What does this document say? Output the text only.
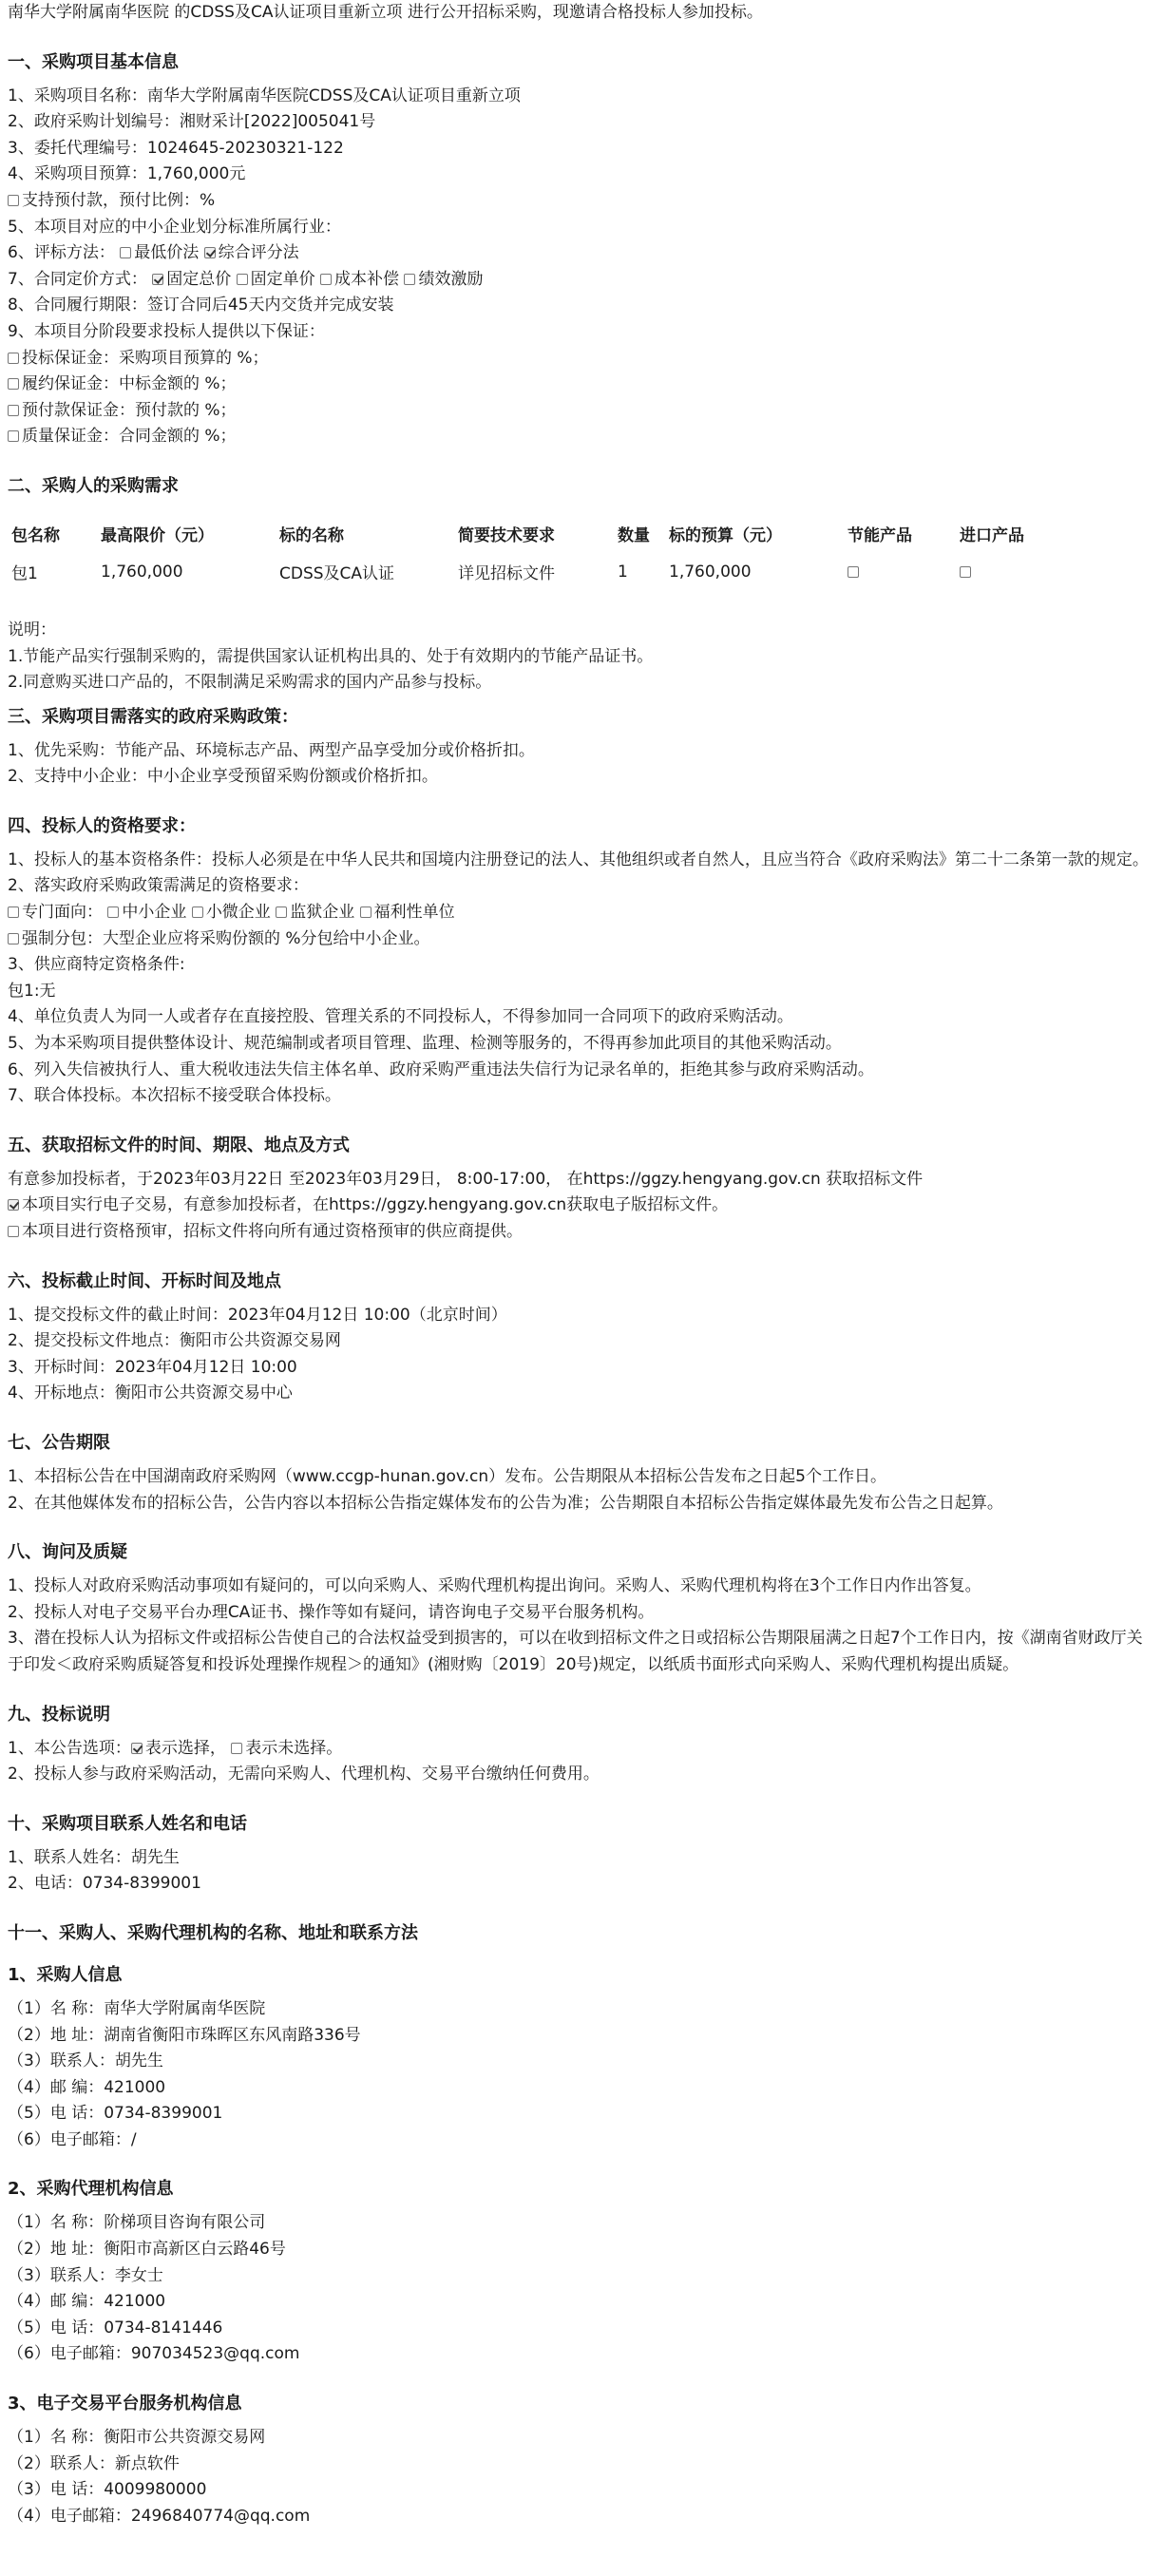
南华大学附属南华医院 的CDSS及CA认证项目重新立项 进行公开招标采购，现邀请合格投标人参加投标。
一、采购项目基本信息
1、采购项目名称：南华大学附属南华医院CDSS及CA认证项目重新立项
2、政府采购计划编号：湘财采计[2022]005041号
3、委托代理编号：1024645-20230321-122
4、采购项目预算：1,760,000元
支持预付款，预付比例：%
5、本项目对应的中小企业划分标准所属行业：
6、评标方法： 最低价法 综合评分法
7、合同定价方式： 固定总价 固定单价 成本补偿 绩效激励
8、合同履行期限：签订合同后45天内交货并完成安装
9、本项目分阶段要求投标人提供以下保证：
投标保证金：采购项目预算的 %；
履约保证金：中标金额的 %；
预付款保证金：预付款的 %；
质量保证金：合同金额的 %；
二、采购人的采购需求
包名称	最高限价（元）	标的名称	简要技术要求	数量	标的预算（元）	节能产品	进口产品
包1	1,760,000	CDSS及CA认证	详见招标文件	1	1,760,000		
说明：
1.节能产品实行强制采购的，需提供国家认证机构出具的、处于有效期内的节能产品证书。
2.同意购买进口产品的，不限制满足采购需求的国内产品参与投标。
三、采购项目需落实的政府采购政策：
1、优先采购：节能产品、环境标志产品、两型产品享受加分或价格折扣。
2、支持中小企业：中小企业享受预留采购份额或价格折扣。
四、投标人的资格要求：
1、投标人的基本资格条件：投标人必须是在中华人民共和国境内注册登记的法人、其他组织或者自然人，且应当符合《政府采购法》第二十二条第一款的规定。
2、落实政府采购政策需满足的资格要求：
专门面向： 中小企业 小微企业 监狱企业 福利性单位
强制分包：大型企业应将采购份额的 %分包给中小企业。
3、供应商特定资格条件:
包1:无
4、单位负责人为同一人或者存在直接控股、管理关系的不同投标人，不得参加同一合同项下的政府采购活动。
5、为本采购项目提供整体设计、规范编制或者项目管理、监理、检测等服务的，不得再参加此项目的其他采购活动。
6、列入失信被执行人、重大税收违法失信主体名单、政府采购严重违法失信行为记录名单的，拒绝其参与政府采购活动。
7、联合体投标。本次招标不接受联合体投标。
五、获取招标文件的时间、期限、地点及方式
有意参加投标者，于2023年03月22日 至2023年03月29日， 8:00-17:00， 在https://ggzy.hengyang.gov.cn 获取招标文件
本项目实行电子交易，有意参加投标者，在https://ggzy.hengyang.gov.cn获取电子版招标文件。
本项目进行资格预审，招标文件将向所有通过资格预审的供应商提供。
六、投标截止时间、开标时间及地点
1、提交投标文件的截止时间：2023年04月12日 10:00（北京时间）
2、提交投标文件地点：衡阳市公共资源交易网
3、开标时间：2023年04月12日 10:00
4、开标地点：衡阳市公共资源交易中心
七、公告期限
1、本招标公告在中国湖南政府采购网（www.ccgp-hunan.gov.cn）发布。公告期限从本招标公告发布之日起5个工作日。
2、在其他媒体发布的招标公告，公告内容以本招标公告指定媒体发布的公告为准；公告期限自本招标公告指定媒体最先发布公告之日起算。
八、询问及质疑
1、投标人对政府采购活动事项如有疑问的，可以向采购人、采购代理机构提出询问。采购人、采购代理机构将在3个工作日内作出答复。
2、投标人对电子交易平台办理CA证书、操作等如有疑问，请咨询电子交易平台服务机构。
3、潜在投标人认为招标文件或招标公告使自己的合法权益受到损害的，可以在收到招标文件之日或招标公告期限届满之日起7个工作日内，按《湖南省财政厅关于印发＜政府采购质疑答复和投诉处理操作规程＞的通知》(湘财购〔2019〕20号)规定，以纸质书面形式向采购人、采购代理机构提出质疑。
九、投标说明
1、本公告选项： 表示选择， 表示未选择。
2、投标人参与政府采购活动，无需向采购人、代理机构、交易平台缴纳任何费用。
十、采购项目联系人姓名和电话
1、联系人姓名：胡先生
2、电话：0734-8399001
十一、采购人、采购代理机构的名称、地址和联系方法
1、采购人信息
（1）名 称：南华大学附属南华医院
（2）地 址：湖南省衡阳市珠晖区东风南路336号
（3）联系人：胡先生
（4）邮 编：421000
（5）电 话：0734-8399001
（6）电子邮箱：/
2、采购代理机构信息
（1）名 称：阶梯项目咨询有限公司
（2）地 址：衡阳市高新区白云路46号
（3）联系人：李女士
（4）邮 编：421000
（5）电 话：0734-8141446
（6）电子邮箱：907034523@qq.com
3、电子交易平台服务机构信息
（1）名 称：衡阳市公共资源交易网
（2）联系人：新点软件
（3）电 话：4009980000
（4）电子邮箱：2496840774@qq.com
